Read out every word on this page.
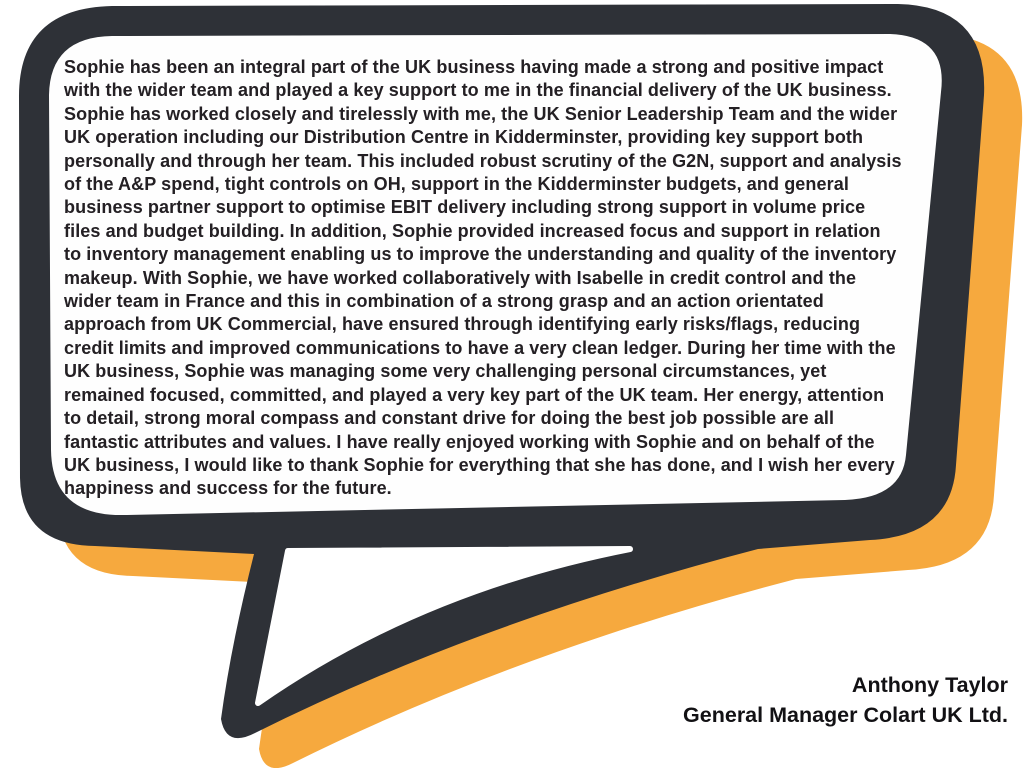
Sophie has been an integral part of the UK business having made a strong and positive impact with the wider team and played a key support to me in the financial delivery of the UK business. Sophie has worked closely and tirelessly with me, the UK Senior Leadership Team and the wider UK operation including our Distribution Centre in Kidderminster, providing key support both personally and through her team. This included robust scrutiny of the G2N, support and analysis of the A&P spend, tight controls on OH, support in the Kidderminster budgets, and general business partner support to optimise EBIT delivery including strong support in volume price files and budget building. In addition, Sophie provided increased focus and support in relation to inventory management enabling us to improve the understanding and quality of the inventory makeup. With Sophie, we have worked collaboratively with Isabelle in credit control and the wider team in France and this in combination of a strong grasp and an action orientated approach from UK Commercial, have ensured through identifying early risks/flags, reducing credit limits and improved communications to have a very clean ledger. During her time with the UK business, Sophie was managing some very challenging personal circumstances, yet remained focused, committed, and played a very key part of the UK team. Her energy, attention to detail, strong moral compass and constant drive for doing the best job possible are all fantastic attributes and values. I have really enjoyed working with Sophie and on behalf of the UK business, I would like to thank Sophie for everything that she has done, and I wish her every happiness and success for the future.
Anthony Taylor
General Manager Colart UK Ltd.
